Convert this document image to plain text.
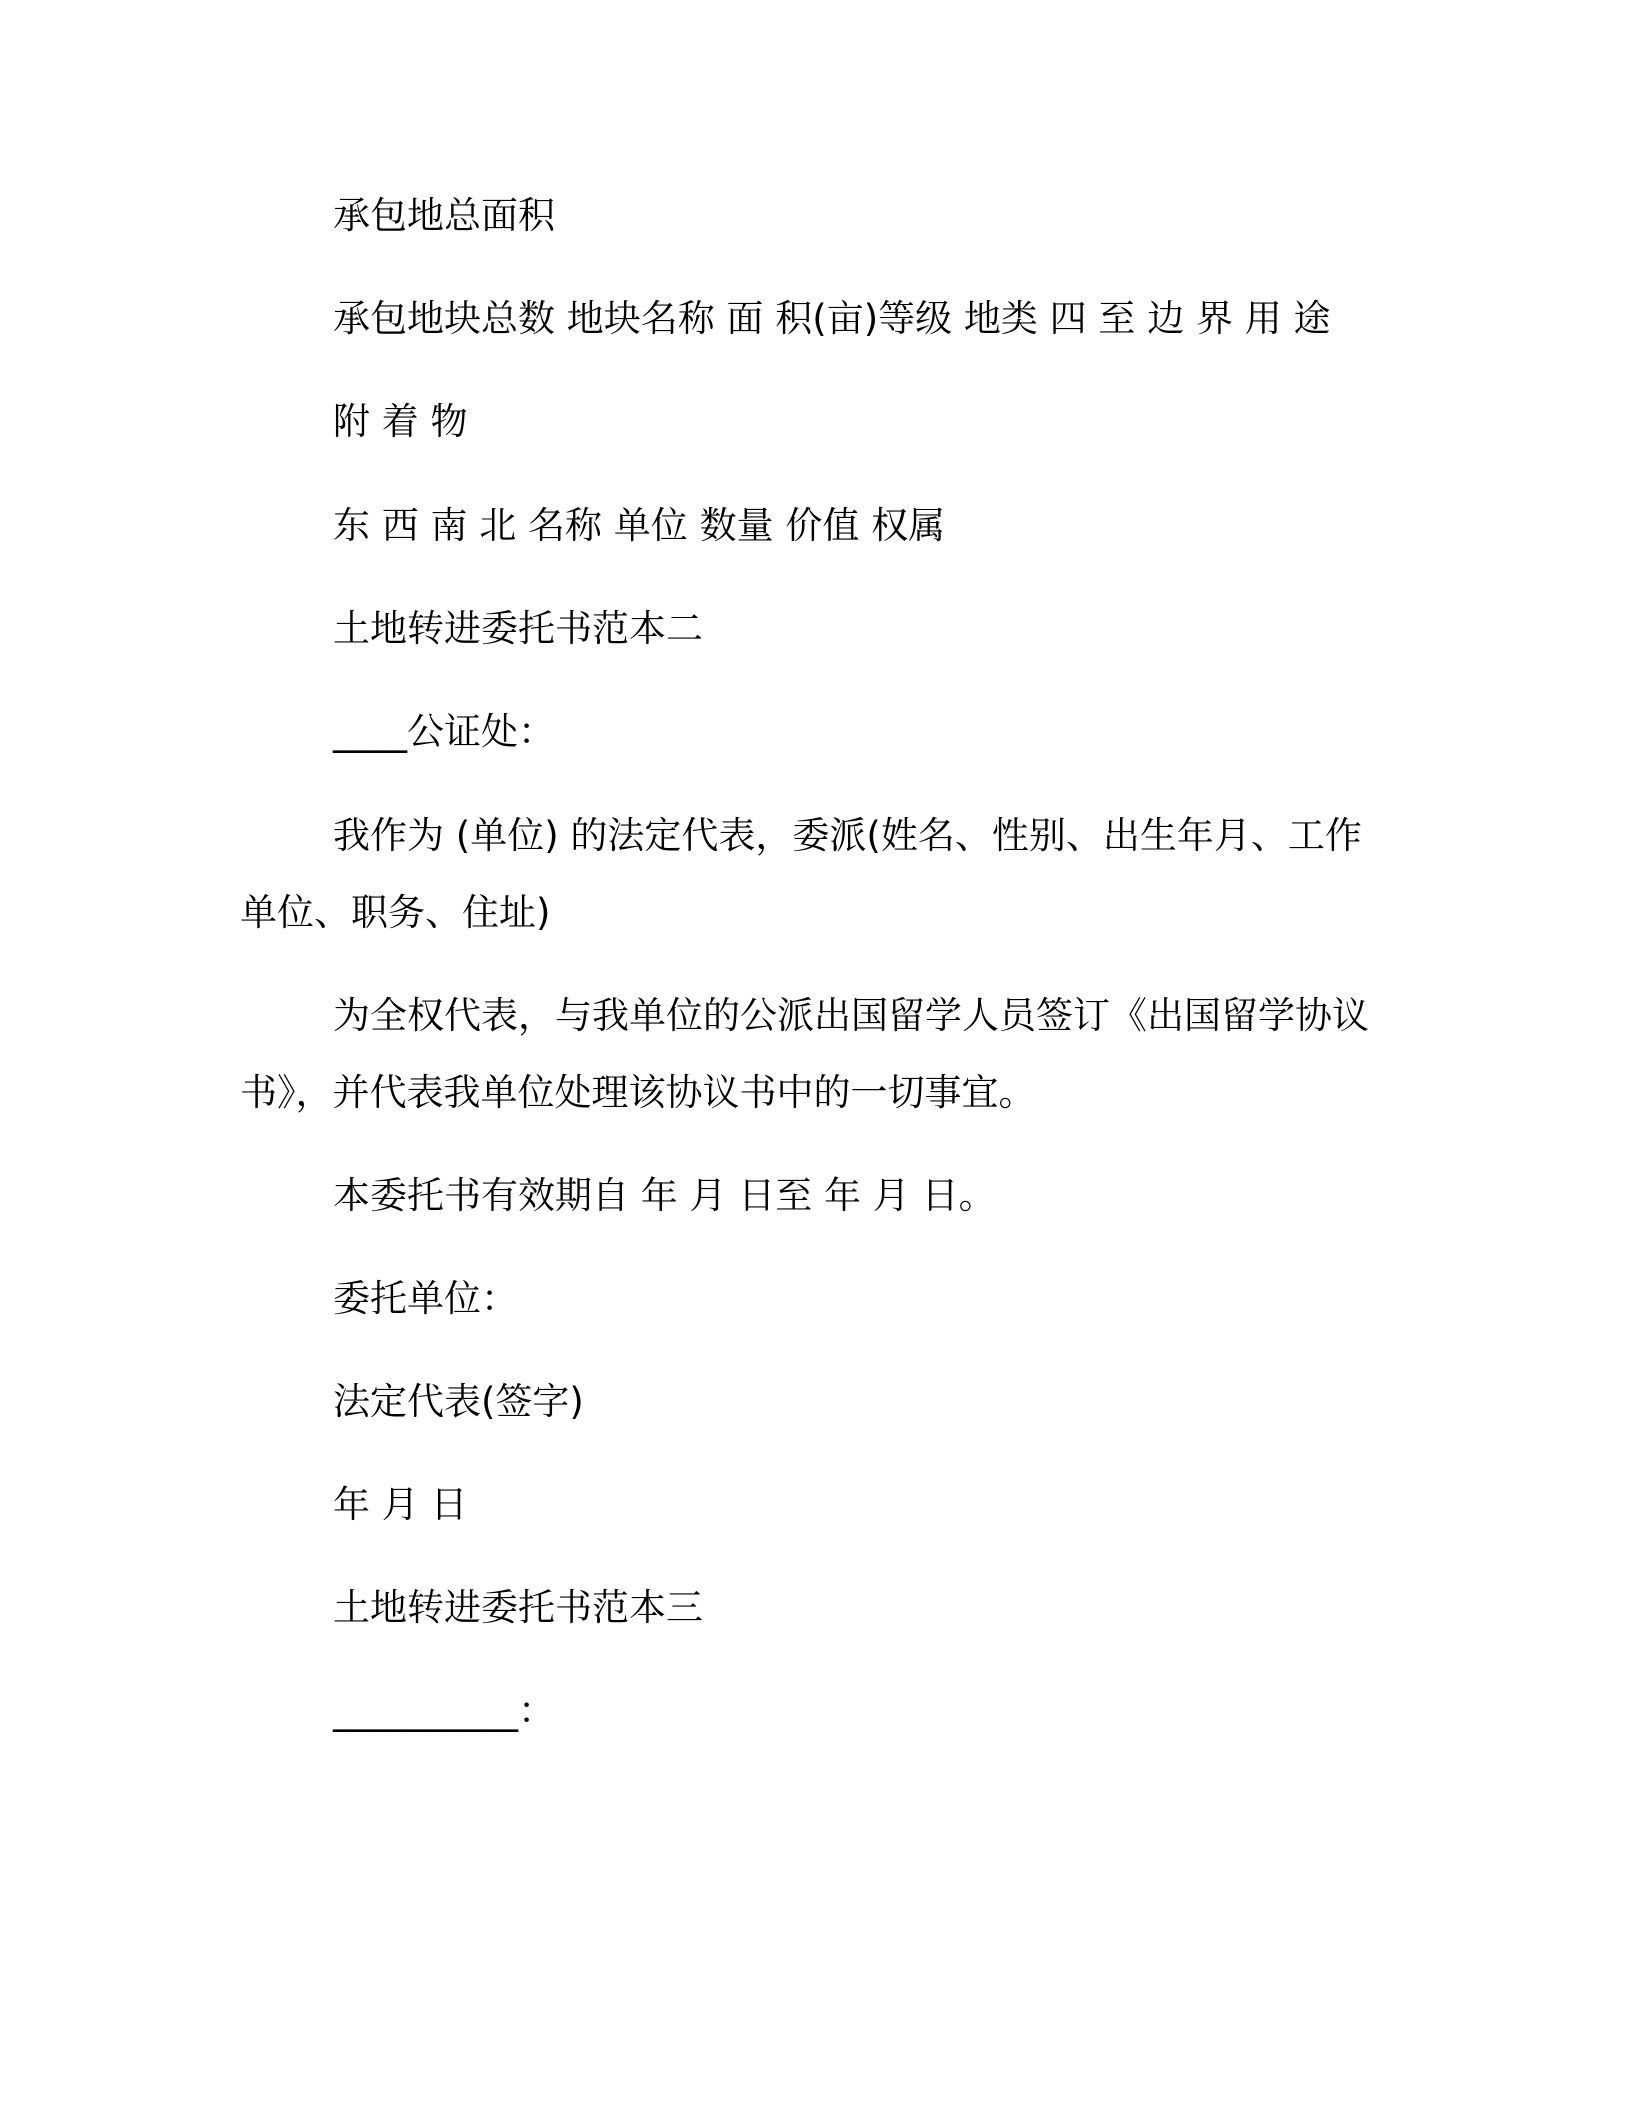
承包地总面积
承包地块总数 地块名称 面 积(亩)等级 地类 四 至 边 界 用 途
附 着 物
东 西 南 北 名称 单位 数量 价值 权属
土地转进委托书范本二
____公证处：
我作为 (单位) 的法定代表，委派(姓名、性别、出生年月、工作
单位、职务、住址)
为全权代表，与我单位的公派出国留学人员签订《出国留学协议
书》，并代表我单位处理该协议书中的一切事宜。
本委托书有效期自 年 月 日至 年 月 日。
委托单位：
法定代表(签字)
年 月 日
土地转进委托书范本三
__________：
